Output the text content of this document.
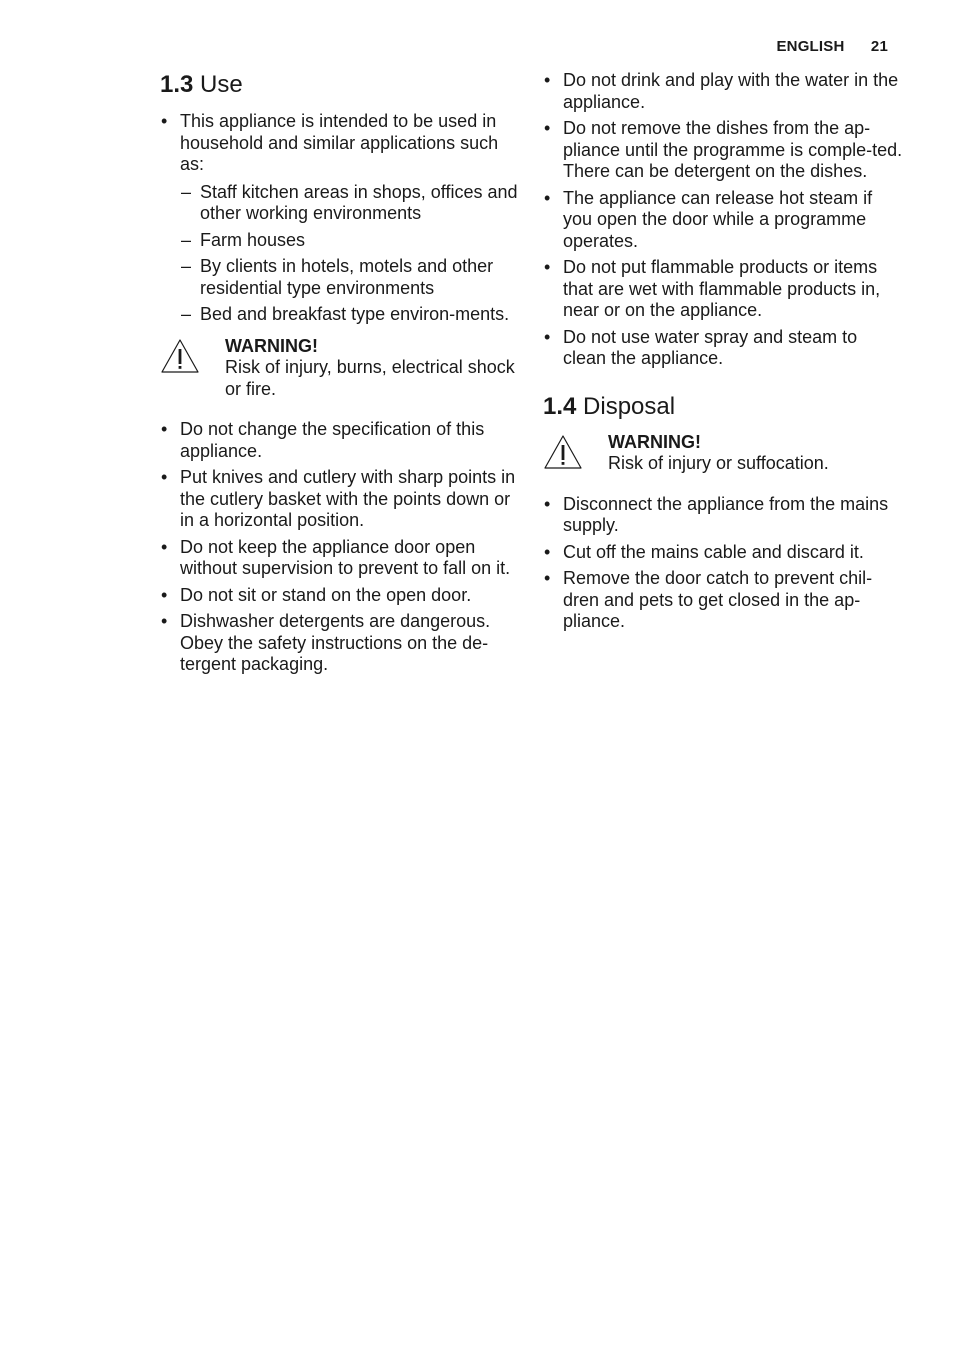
ENGLISH 21
1.3 Use
• This appliance is intended to be used in household and similar applications such as:
– Staff kitchen areas in shops, offices and other working environments
– Farm houses
– By clients in hotels, motels and other residential type environments
– Bed and breakfast type environ-ments.
WARNING!
Risk of injury, burns, electrical shock or fire.
• Do not change the specification of this appliance.
• Put knives and cutlery with sharp points in the cutlery basket with the points down or in a horizontal position.
• Do not keep the appliance door open without supervision to prevent to fall on it.
• Do not sit or stand on the open door.
• Dishwasher detergents are dangerous. Obey the safety instructions on the de-tergent packaging.
• Do not drink and play with the water in the appliance.
• Do not remove the dishes from the ap-pliance until the programme is comple-ted. There can be detergent on the dishes.
• The appliance can release hot steam if you open the door while a programme operates.
• Do not put flammable products or items that are wet with flammable products in, near or on the appliance.
• Do not use water spray and steam to clean the appliance.
1.4 Disposal
WARNING!
Risk of injury or suffocation.
• Disconnect the appliance from the mains supply.
• Cut off the mains cable and discard it.
• Remove the door catch to prevent chil-dren and pets to get closed in the ap-pliance.
